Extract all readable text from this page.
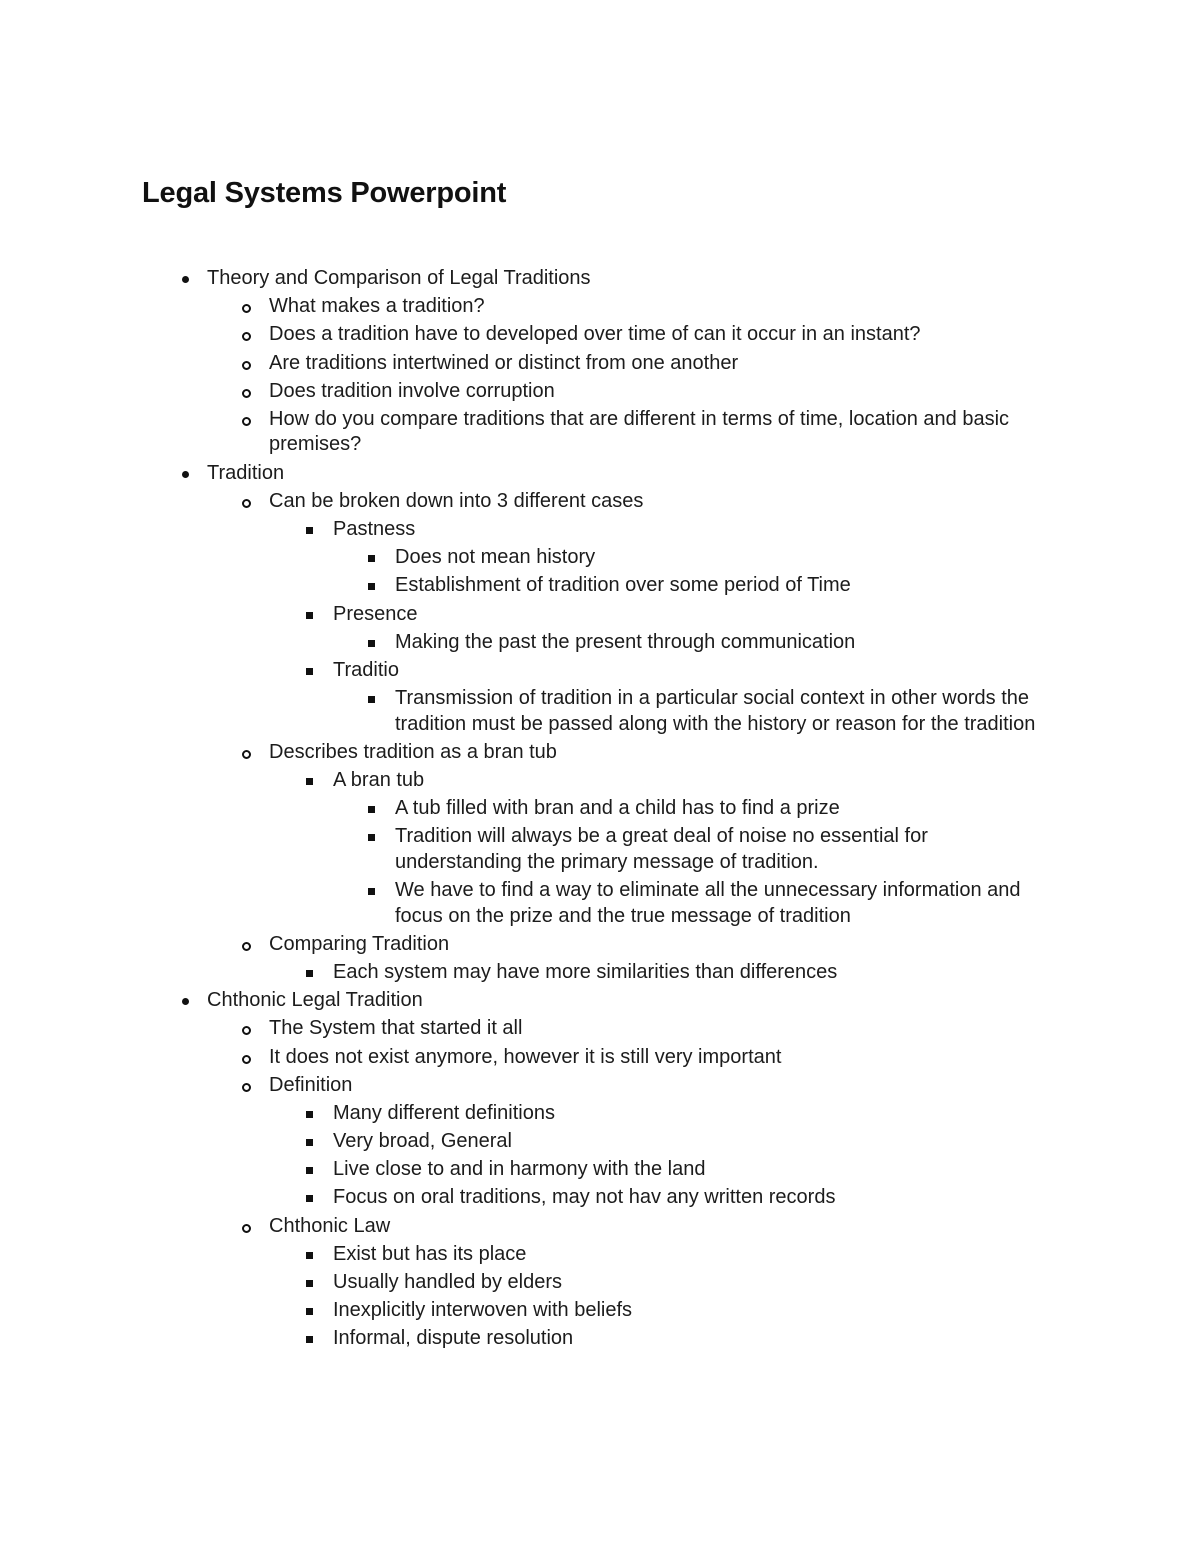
Legal Systems Powerpoint
Theory and Comparison of Legal Traditions
What makes a tradition?
Does a tradition have to developed over time of can it occur in an instant?
Are traditions intertwined or distinct from one another
Does tradition involve corruption
How do you compare traditions that are different in terms of time, location and basic premises?
Tradition
Can be broken down into 3 different cases
Pastness
Does not mean history
Establishment of tradition over some period of Time
Presence
Making the past the present through communication
Traditio
Transmission of tradition in a particular social context in other words the tradition must be passed along with the history or reason for the tradition
Describes tradition as a bran tub
A bran tub
A tub filled with bran and a child has to find a prize
Tradition will always be a great deal of noise no essential for understanding the primary message of tradition.
We have to find a way to eliminate all the unnecessary information and focus on the prize and the true message of tradition
Comparing Tradition
Each system may have more similarities than differences
Chthonic Legal Tradition
The System that started it all
It does not exist anymore, however it is still very important
Definition
Many different definitions
Very broad, General
Live close to and in harmony with the land
Focus on oral traditions, may not hav any written records
Chthonic Law
Exist but has its place
Usually handled by elders
Inexplicitly interwoven with beliefs
Informal, dispute resolution
